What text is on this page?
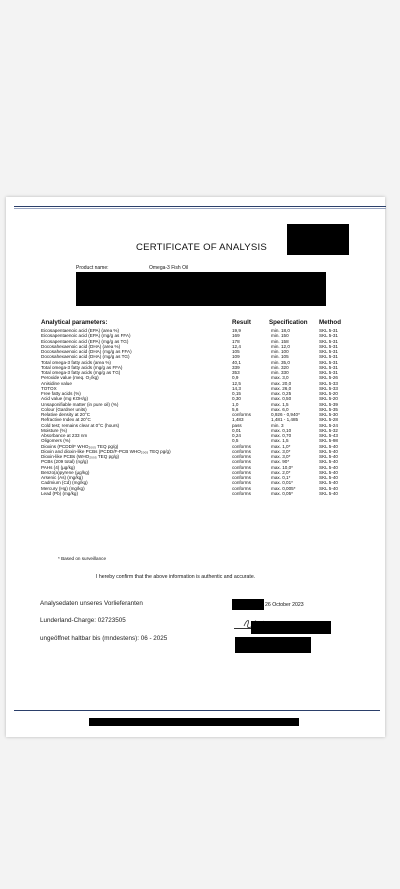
CERTIFICATE OF ANALYSIS
Product name:	Omega-3 Fish Oil
Analytical parameters:	Result	Specification Method
Eicosapentaenoic acid (EPA) (area %)	19,9	min. 18,0	SKL 5-31
Eicosapentaenoic acid (EPA) (mg/g as FFA)	169	min. 150	SKL 5-31
Eicosapentaenoic acid (EPA) (mg/g as TG)	178	min. 158	SKL 5-31
Docosahexaenoic acid (DHA) (area %)	12,4	min. 12,0	SKL 5-31
Docosahexaenoic acid (DHA) (mg/g as FFA)	105	min. 100	SKL 5-31
Docosahexaenoic acid (DHA) (mg/g as TG)	109	min. 105	SKL 5-31
Total omega-3 fatty acids (area %)	40,1	min. 35,0	SKL 5-31
Total omega-3 fatty acids (mg/g as FFA)	339	min. 320	SKL 5-31
Total omega-3 fatty acids (mg/g as TG)	353	min. 330	SKL 5-31
Peroxide value (meq. O₂/kg)	0,9	max. 3,0	SKL 5-26
Anisidine value	12,5	max. 20,0	SKL 5-33
TOTOX	14,3	max. 26,0	SKL 5-33
Free fatty acids (%)	0,15	max. 0,25	SKL 5-20
Acid value (mg KOH/g)	0,30	max. 0,50	SKL 5-20
Unsaponifiable matter (in pure oil) (%)	1,0	max. 1,5	SKL 5-39
Colour (Gardner units)	5,6	max. 6,0	SKL 5-35
Relative density at 20°C	conforms	0,926 - 0,940*	SKL 5-30
Refractive Index at 20°C	1,483	1,481 - 1,485	SKL 5-28
Cold test; remains clear at 0°C (hours)	pass	min. 3	SKL 5-24
Moisture (%)	0,01	max. 0,10	SKL 5-32
Absorbance at 233 nm	0,24	max. 0,70	SKL 5-43
Oligomers (%)	0,5	max. 1,5	SKL 5-98
Dioxins (PCDD/F WHO₂₀₀₅ TEQ pg/g)	conforms	max. 1,0*	SKL 5-40
Dioxin and dioxin-like PCBs (PCDD/F-PCB WHO₂₀₀₅ TEQ pg/g)	conforms	max. 3,0*	SKL 5-40
Dioxin-like PCBs (WHO₂₀₀₅ TEQ pg/g)	conforms	max. 3,0*	SKL 5-40
PCBs (209 total) (ng/g)	conforms	max. 90*	SKL 5-40
PAHs (4) (µg/kg)	conforms	max. 10,0*	SKL 5-40
Benzo(a)pyrene (µg/kg)	conforms	max. 2,0*	SKL 5-40
Arsenic (As) (mg/kg)	conforms	max. 0,1*	SKL 5-40
Cadmium (Cd) (mg/kg)	conforms	max. 0,01*	SKL 5-40
Mercury (Hg) (mg/kg)	conforms	max. 0,005*	SKL 5-40
Lead (Pb) (mg/kg)	conforms	max. 0,05*	SKL 5-40
* Based on surveillance
I hereby confirm that the above information is authentic and accurate.
Analysedaten unseres Vorlieferanten
Lunderland-Charge: 02723505
ungeöffnet haltbar bis (mndestens): 06 - 2025
26 October 2023
